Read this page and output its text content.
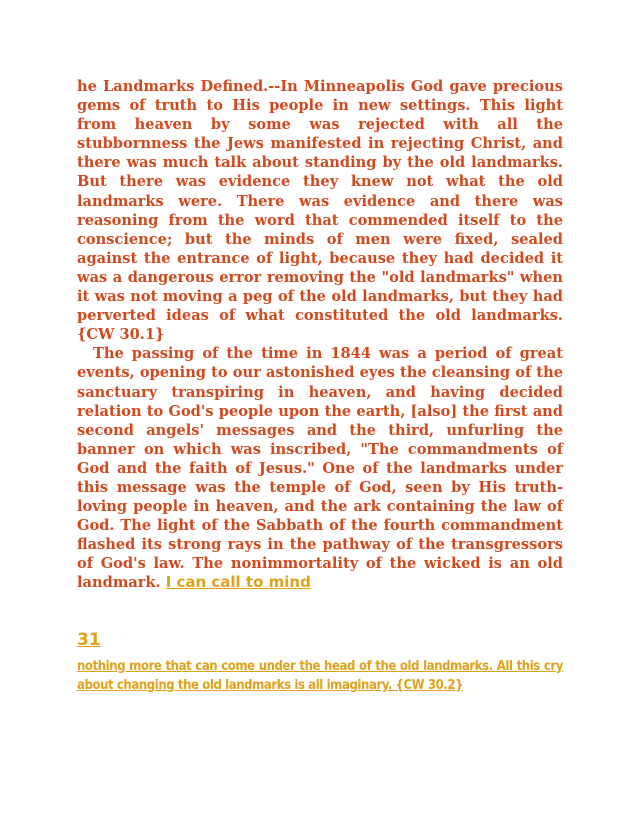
he Landmarks Defined.--In Minneapolis God gave precious gems of truth to His people in new settings. This light from heaven by some was rejected with all the stubbornness the Jews manifested in rejecting Christ, and there was much talk about standing by the old landmarks. But there was evidence they knew not what the old landmarks were. There was evidence and there was reasoning from the word that commended itself to the conscience; but the minds of men were fixed, sealed against the entrance of light, because they had decided it was a dangerous error removing the "old landmarks" when it was not moving a peg of the old landmarks, but they had perverted ideas of what constituted the old landmarks. {CW 30.1}

The passing of the time in 1844 was a period of great events, opening to our astonished eyes the cleansing of the sanctuary transpiring in heaven, and having decided relation to God's people upon the earth, [also] the first and second angels' messages and the third, unfurling the banner on which was inscribed, "The commandments of God and the faith of Jesus." One of the landmarks under this message was the temple of God, seen by His truth-loving people in heaven, and the ark containing the law of God. The light of the Sabbath of the fourth commandment flashed its strong rays in the pathway of the transgressors of God's law. The nonimmortality of the wicked is an old landmark. I can call to mind

31

nothing more that can come under the head of the old landmarks. All this cry about changing the old landmarks is all imaginary. {CW 30.2}
